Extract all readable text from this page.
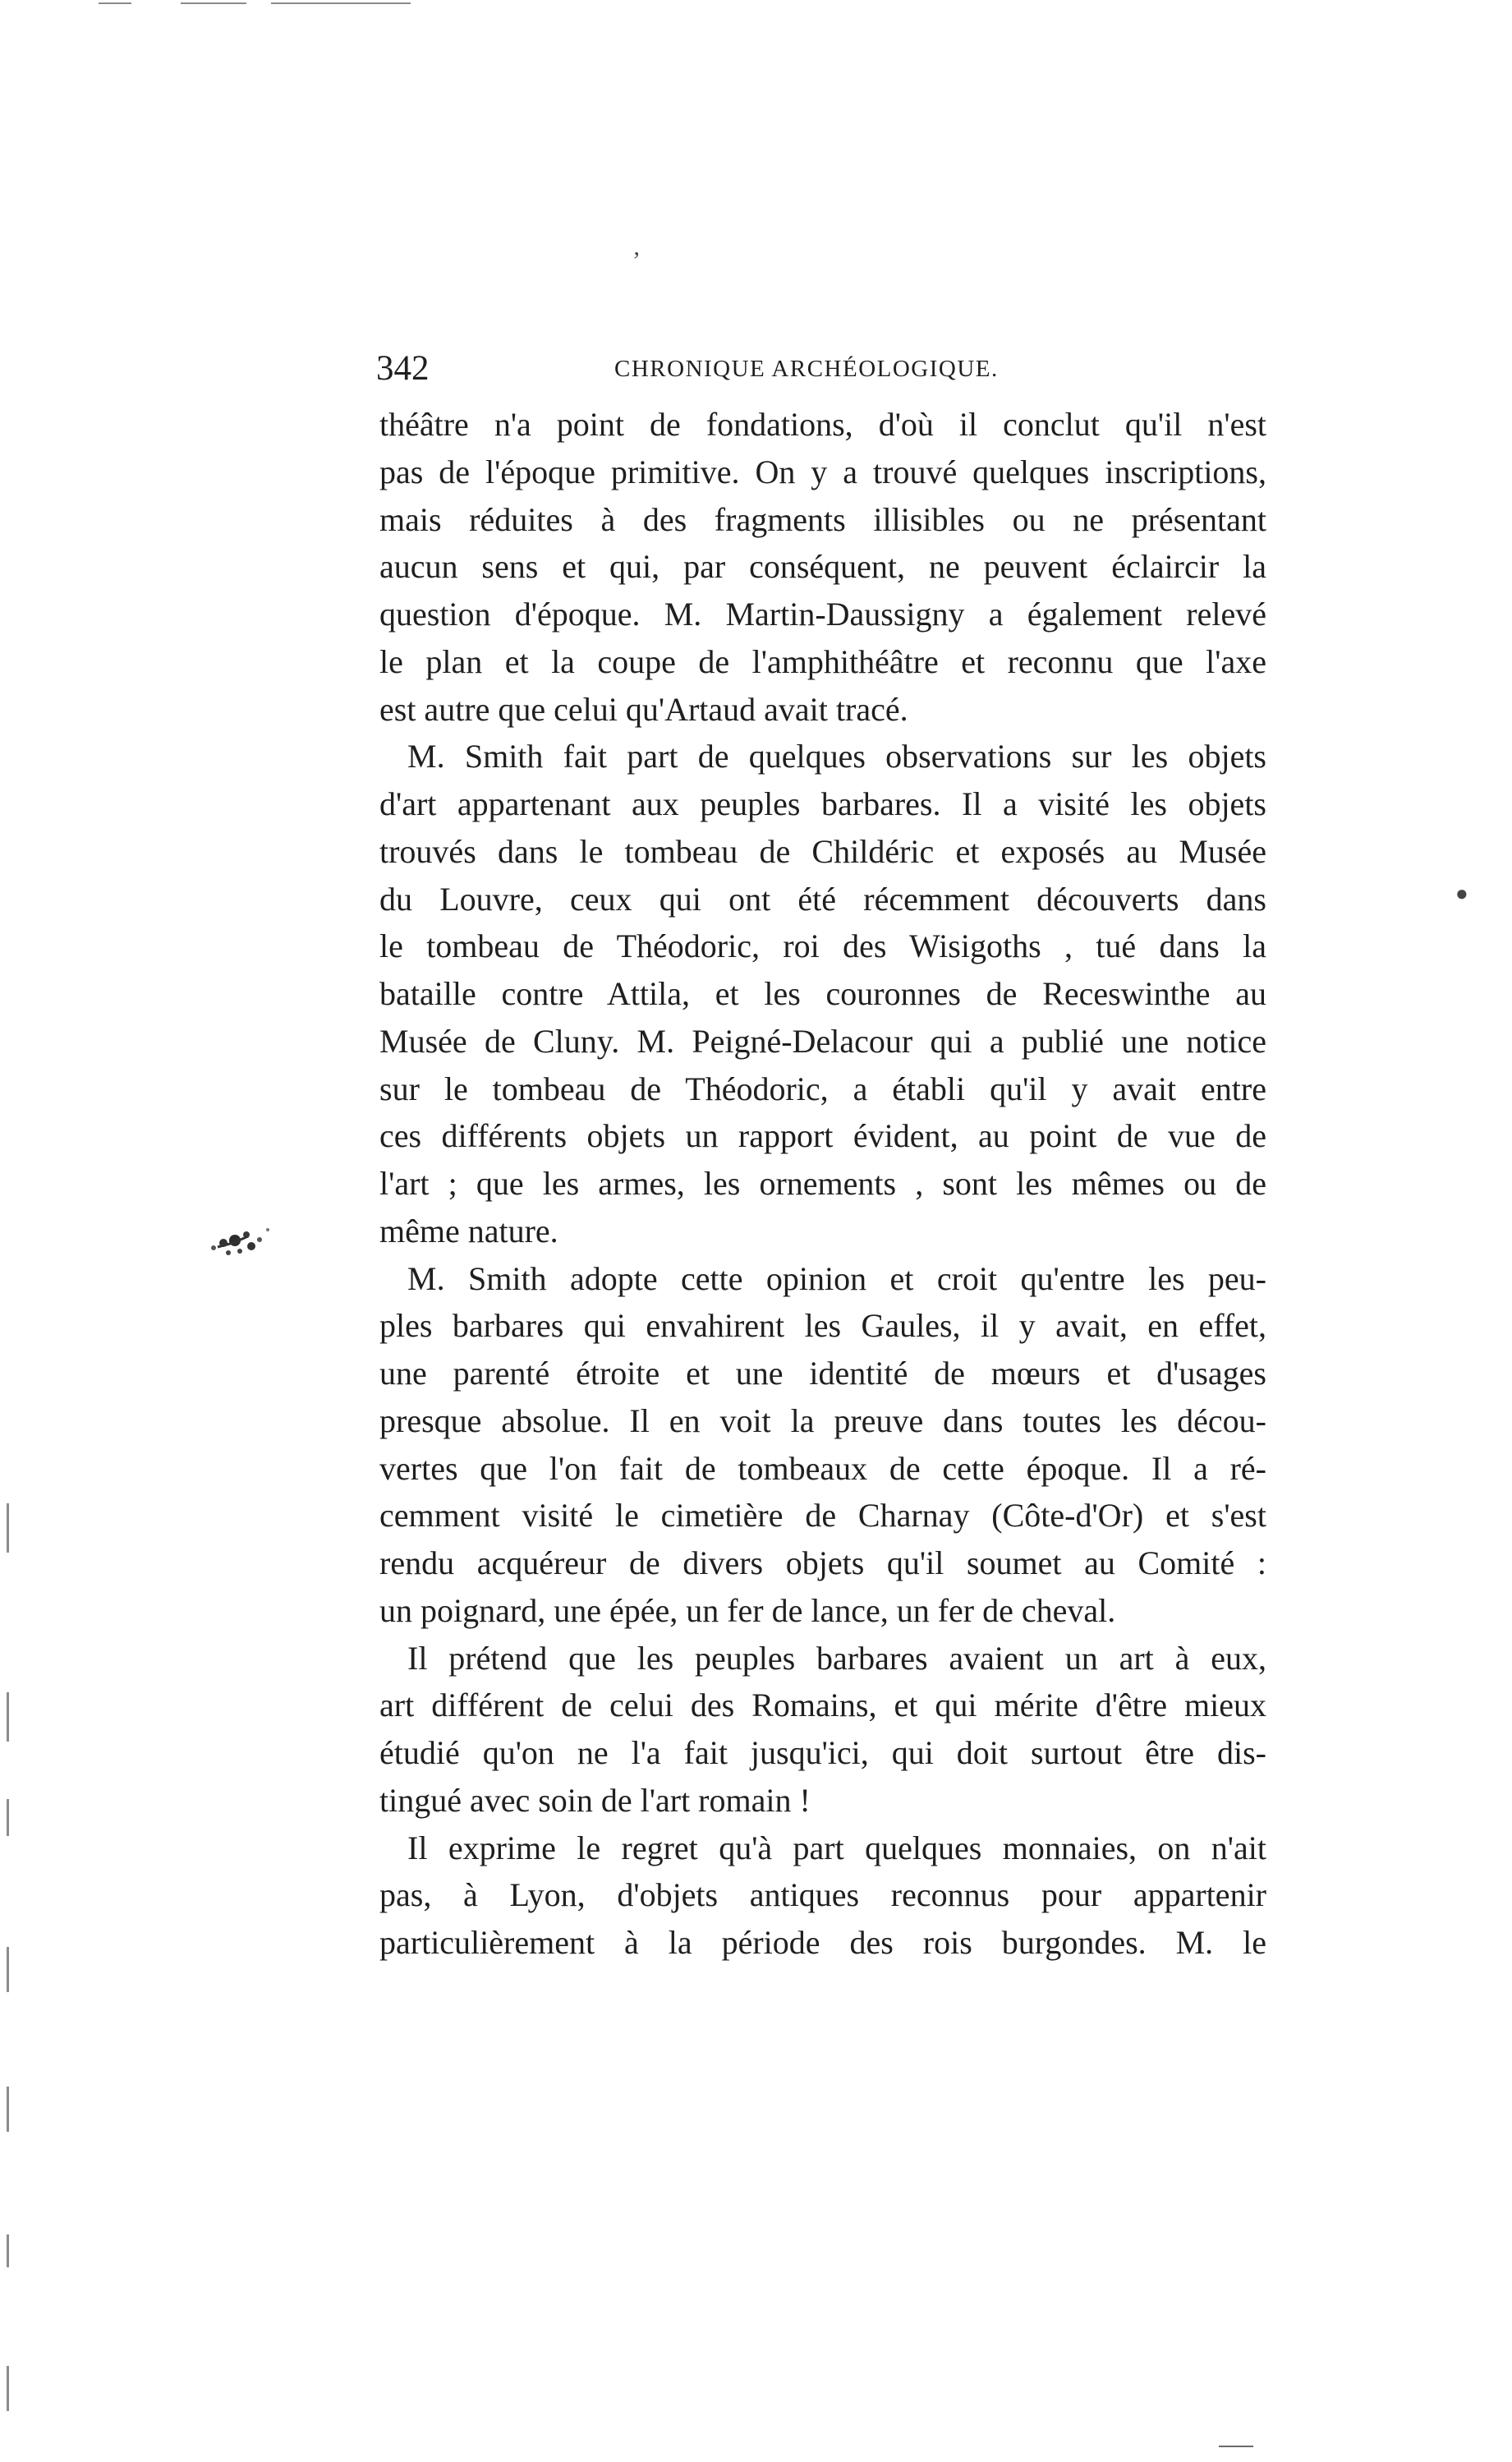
‚
●
342	CHRONIQUE ARCHÉOLOGIQUE.
théâtre n'a point de fondations, d'où il conclut qu'il n'est
pas de l'époque primitive. On y a trouvé quelques inscriptions,
mais réduites à des fragments illisibles ou ne présentant
aucun sens et qui, par conséquent, ne peuvent éclaircir la
question d'époque. M. Martin-Daussigny a également relevé
le plan et la coupe de l'amphithéâtre et reconnu que l'axe
est autre que celui qu'Artaud avait tracé.
M. Smith fait part de quelques observations sur les objets
d'art appartenant aux peuples barbares. Il a visité les objets
trouvés dans le tombeau de Childéric et exposés au Musée
du Louvre, ceux qui ont été récemment découverts dans
le tombeau de Théodoric, roi des Wisigoths , tué dans la
bataille contre Attila, et les couronnes de Receswinthe au
Musée de Cluny. M. Peigné-Delacour qui a publié une notice
sur le tombeau de Théodoric, a établi qu'il y avait entre
ces différents objets un rapport évident, au point de vue de
l'art ; que les armes, les ornements , sont les mêmes ou de
même nature.
M. Smith adopte cette opinion et croit qu'entre les peu-
ples barbares qui envahirent les Gaules, il y avait, en effet,
une parenté étroite et une identité de mœurs et d'usages
presque absolue. Il en voit la preuve dans toutes les décou-
vertes que l'on fait de tombeaux de cette époque. Il a ré-
cemment visité le cimetière de Charnay (Côte-d'Or) et s'est
rendu acquéreur de divers objets qu'il soumet au Comité :
un poignard, une épée, un fer de lance, un fer de cheval.
Il prétend que les peuples barbares avaient un art à eux,
art différent de celui des Romains, et qui mérite d'être mieux
étudié qu'on ne l'a fait jusqu'ici, qui doit surtout être dis-
tingué avec soin de l'art romain !
Il exprime le regret qu'à part quelques monnaies, on n'ait
pas, à Lyon, d'objets antiques reconnus pour appartenir
particulièrement à la période des rois burgondes. M. le
